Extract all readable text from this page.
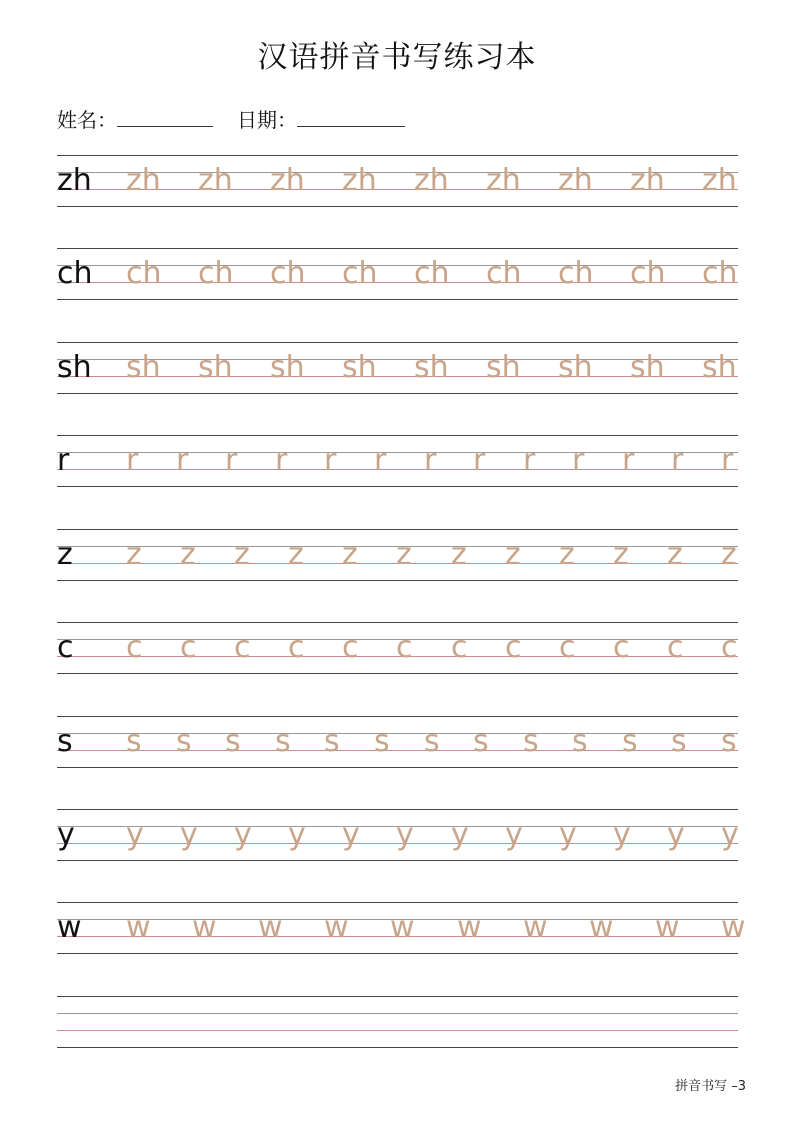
汉语拼音书写练习本
姓名：	日期：
zh zh zh zh zh zh zh zh zh zh
ch ch ch ch ch ch ch ch ch ch
sh sh sh sh sh sh sh sh sh sh
r r r r r r r r r r r r r r
z z z z z z z z z z z z z
c c c c c c c c c c c c c
s s s s s s s s s s s s s s
y y y y y y y y y y y y y
w w w w w w w w w w w
拼音书写 –3
